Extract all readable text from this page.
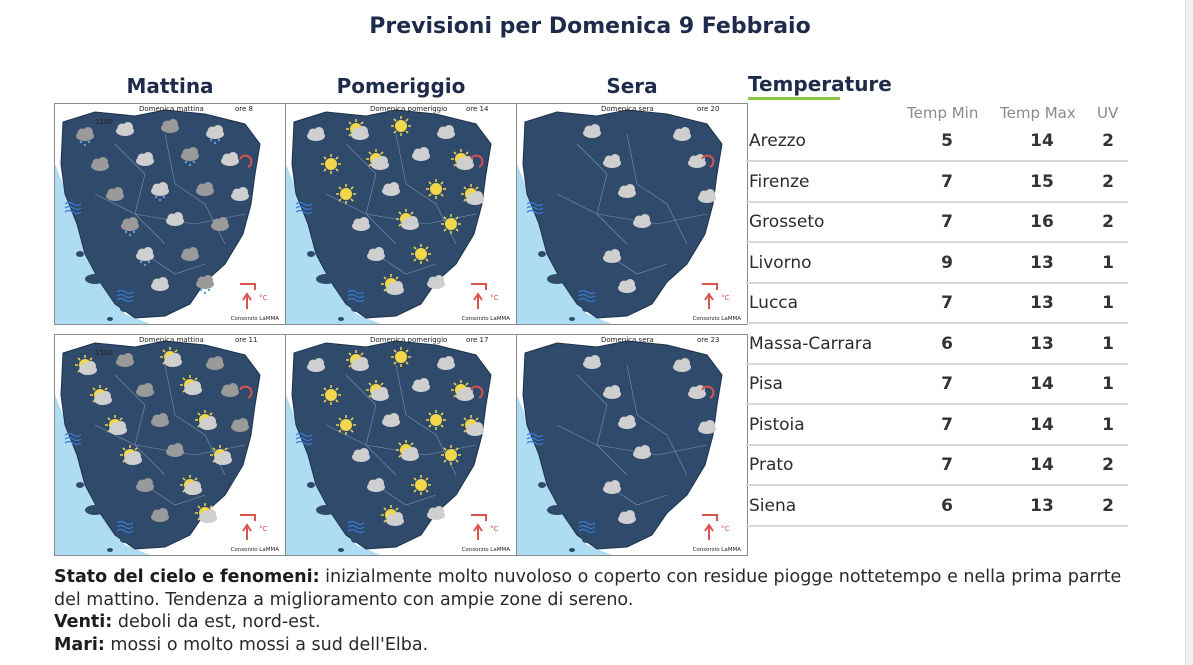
Previsioni per Domenica 9 Febbraio
Mattina	Pomeriggio	Sera
Domenica mattina	ore 8
°C
1500
Consorzio LaMMA
Domenica pomeriggio	ore 14
°C
Consorzio LaMMA
Domenica sera	ore 20
°C
Consorzio LaMMA
Domenica mattina	ore 11
°C
1500
Consorzio LaMMA
Domenica pomeriggio	ore 17
°C
Consorzio LaMMA
Domenica sera	ore 23
°C
Consorzio LaMMA
Temperature
Temp Min Temp Max UV
Arezzo	5	14	2
Firenze	7	15	2
Grosseto	7	16	2
Livorno	9	13	1
Lucca	7	13	1
Massa-Carrara	6	13	1
Pisa	7	14	1
Pistoia	7	14	1
Prato	7	14	2
Siena	6	13	2
Stato del cielo e fenomeni: inizialmente molto nuvoloso o coperto con residue piogge nottetempo e nella prima parrte del mattino. Tendenza a miglioramento con ampie zone di sereno.
Venti: deboli da est, nord-est.
Mari: mossi o molto mossi a sud dell'Elba.
